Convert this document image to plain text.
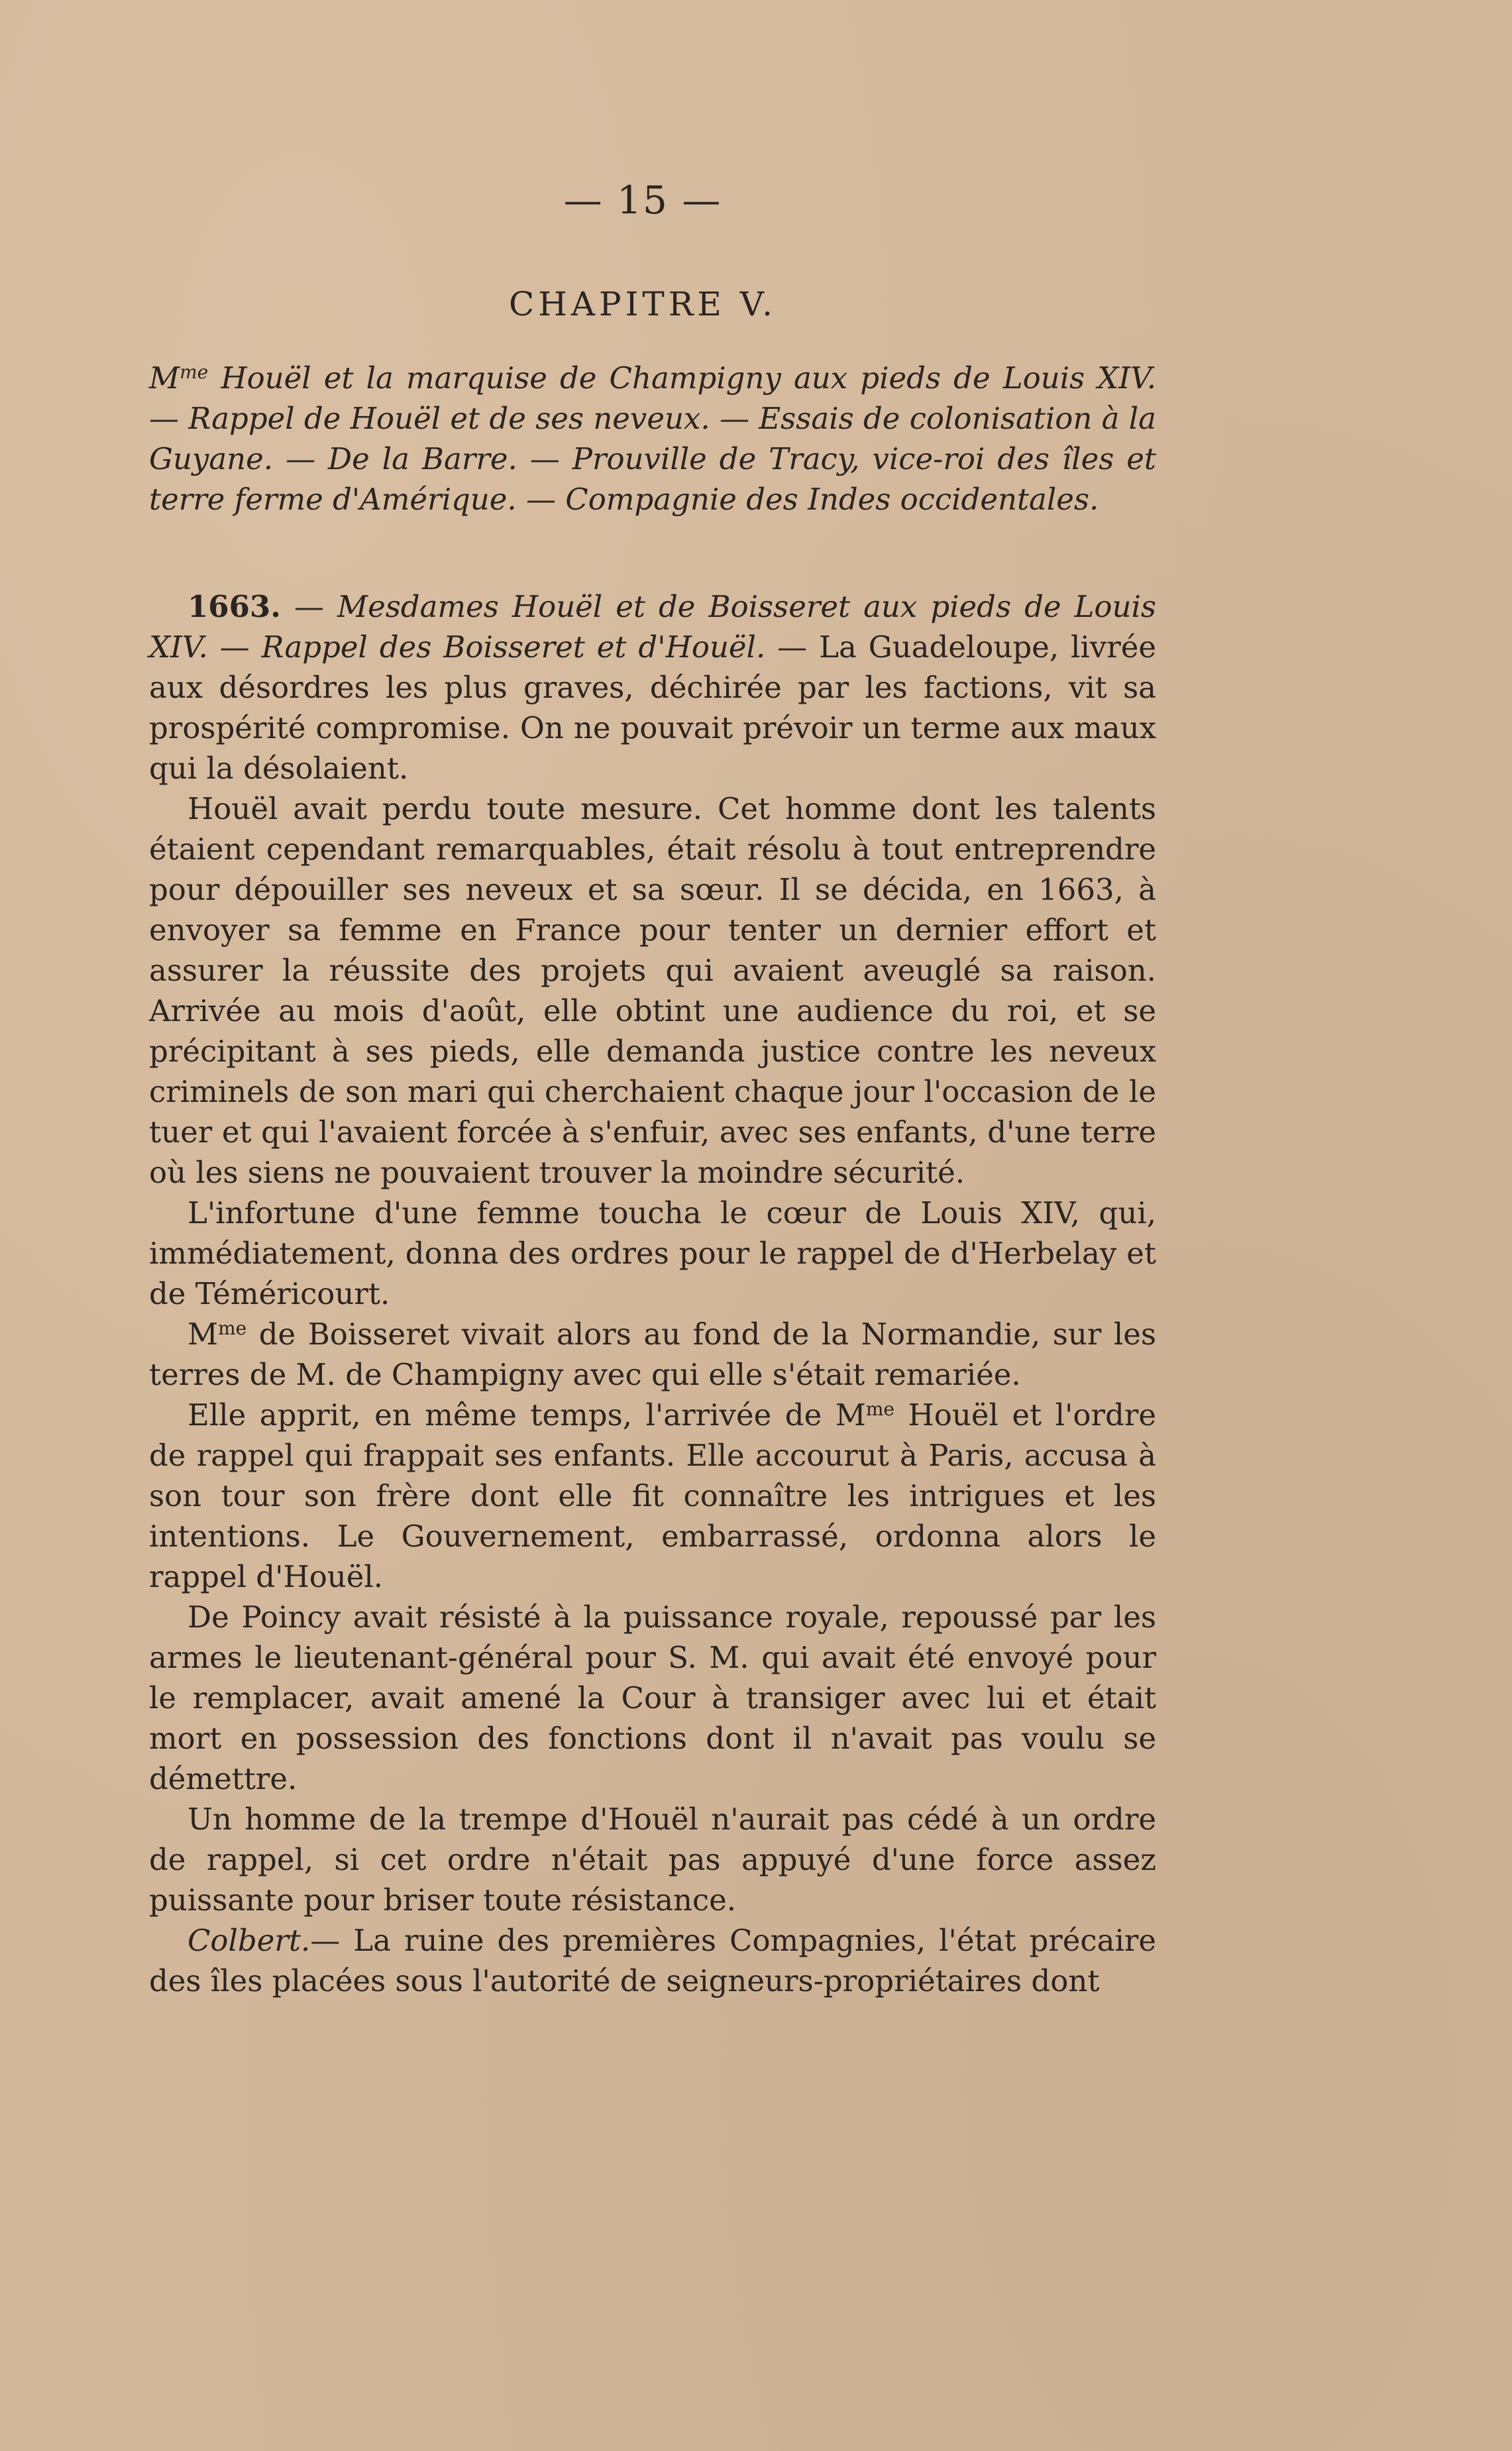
— 15 —
CHAPITRE V.
$M^{me}$ Houël et la marquise de Champigny aux pieds de Louis XIV. — Rappel de Houël et de ses neveux. — Essais de colonisation à la Guyane. — De la Barre. — Prouville de Tracy, vice-roi des îles et terre ferme d'Amérique. — Compagnie des Indes occidentales.

1663. — Mesdames Houël et de Boisseret aux pieds de Louis XIV. — Rappel des Boisseret et d'Houël. — La Guadeloupe, livrée aux désordres les plus graves, déchirée par les factions, vit sa prospérité compromise. On ne pouvait prévoir un terme aux maux qui la désolaient.

Houël avait perdu toute mesure. Cet homme dont les talents étaient cependant remarquables, était résolu à tout entreprendre pour dépouiller ses neveux et sa sœur. Il se décida, en 1663, à envoyer sa femme en France pour tenter un dernier effort et assurer la réussite des projets qui avaient aveuglé sa raison. Arrivée au mois d'août, elle obtint une audience du roi, et se précipitant à ses pieds, elle demanda justice contre les neveux criminels de son mari qui cherchaient chaque jour l'occasion de le tuer et qui l'avaient forcée à s'enfuir, avec ses enfants, d'une terre où les siens ne pouvaient trouver la moindre sécurité.

L'infortune d'une femme toucha le cœur de Louis XIV, qui, immédiatement, donna des ordres pour le rappel de d'Herbelay et de Téméricourt.

$M^{me}$ de Boisseret vivait alors au fond de la Normandie, sur les terres de M. de Champigny avec qui elle s'était remariée.

Elle apprit, en même temps, l'arrivée de $M^{me}$ Houël et l'ordre de rappel qui frappait ses enfants. Elle accourut à Paris, accusa à son tour son frère dont elle fit connaître les intrigues et les intentions. Le Gouvernement, embarrassé, ordonna alors le rappel d'Houël.

De Poincy avait résisté à la puissance royale, repoussé par les armes le lieutenant-général pour S. M. qui avait été envoyé pour le remplacer, avait amené la Cour à transiger avec lui et était mort en possession des fonctions dont il n'avait pas voulu se démettre.

Un homme de la trempe d'Houël n'aurait pas cédé à un ordre de rappel, si cet ordre n'était pas appuyé d'une force assez puissante pour briser toute résistance.

Colbert.— La ruine des premières Compagnies, l'état précaire des îles placées sous l'autorité de seigneurs-propriétaires dont
